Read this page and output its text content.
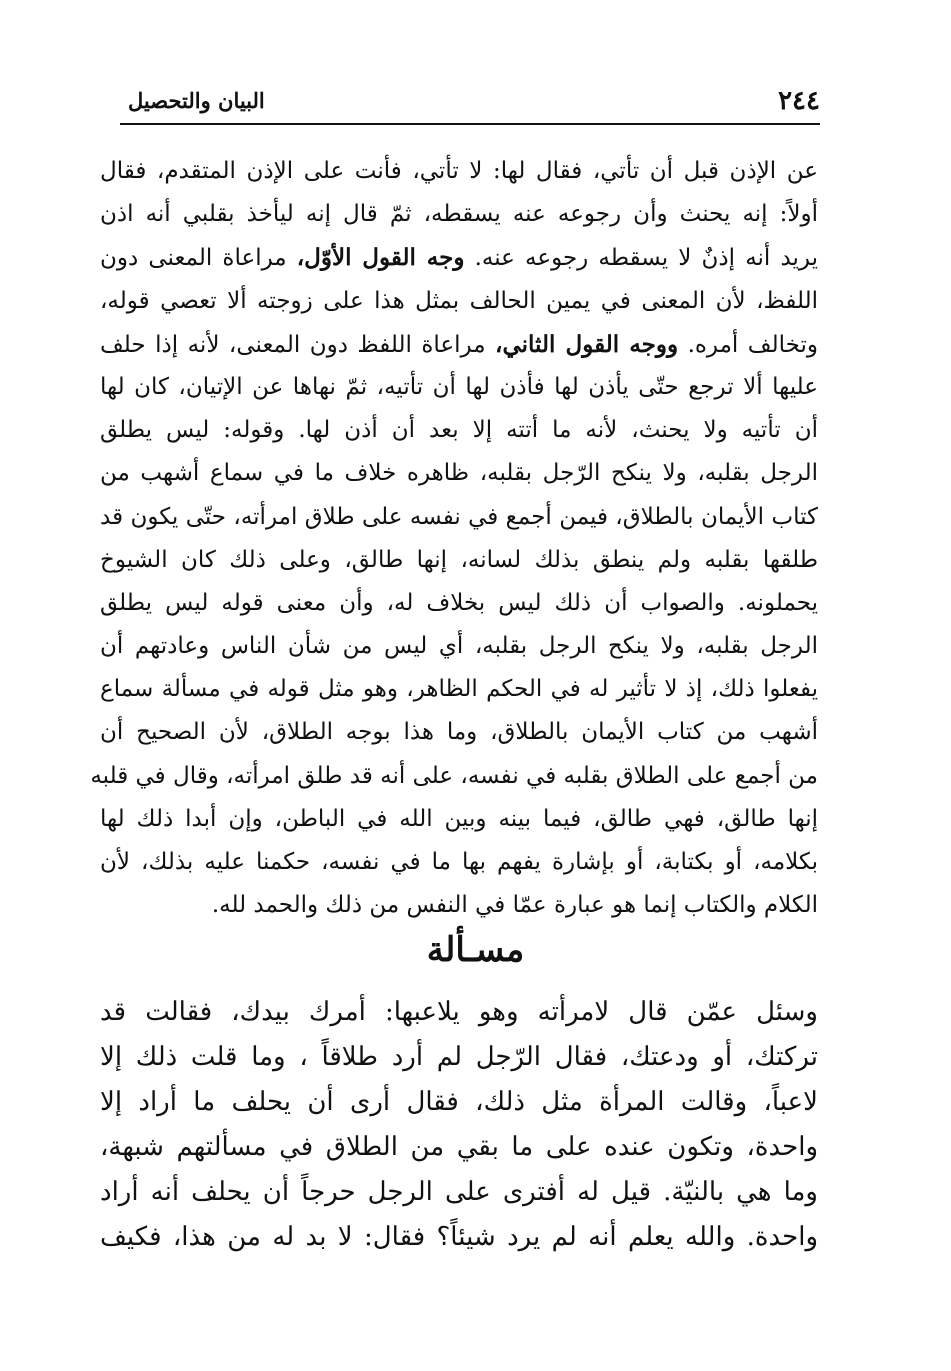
٢٤٤
البيان والتحصيل
عن الإذن قبل أن تأتي، فقال لها: لا تأتي، فأنت على الإذن المتقدم، فقال
أولاً: إنه يحنث وأن رجوعه عنه يسقطه، ثمّ قال إنه ليأخذ بقلبي أنه اذن
يريد أنه إذنٌ لا يسقطه رجوعه عنه. وجه القول الأوّل، مراعاة المعنى دون
اللفظ، لأن المعنى في يمين الحالف بمثل هذا على زوجته ألا تعصي قوله،
وتخالف أمره. ووجه القول الثاني، مراعاة اللفظ دون المعنى، لأنه إذا حلف
عليها ألا ترجع حتّى يأذن لها فأذن لها أن تأتيه، ثمّ نهاها عن الإتيان، كان لها
أن تأتيه ولا يحنث، لأنه ما أتته إلا بعد أن أذن لها. وقوله: ليس يطلق
الرجل بقلبه، ولا ينكح الرّجل بقلبه، ظاهره خلاف ما في سماع أشهب من
كتاب الأيمان بالطلاق، فيمن أجمع في نفسه على طلاق امرأته، حتّى يكون قد
طلقها بقلبه ولم ينطق بذلك لسانه، إنها طالق، وعلى ذلك كان الشيوخ
يحملونه. والصواب أن ذلك ليس بخلاف له، وأن معنى قوله ليس يطلق
الرجل بقلبه، ولا ينكح الرجل بقلبه، أي ليس من شأن الناس وعادتهم أن
يفعلوا ذلك، إذ لا تأثير له في الحكم الظاهر، وهو مثل قوله في مسألة سماع
أشهب من كتاب الأيمان بالطلاق، وما هذا بوجه الطلاق، لأن الصحيح أن
من أجمع على الطلاق بقلبه في نفسه، على أنه قد طلق امرأته، وقال في قلبه
إنها طالق، فهي طالق، فيما بينه وبين الله في الباطن، وإن أبدا ذلك لها
بكلامه، أو بكتابة، أو بإشارة يفهم بها ما في نفسه، حكمنا عليه بذلك، لأن
الكلام والكتاب إنما هو عبارة عمّا في النفس من ذلك والحمد لله.
مسـألة
وسئل عمّن قال لامرأته وهو يلاعبها: أمرك بيدك، فقالت قد
تركتك، أو ودعتك، فقال الرّجل لم أرد طلاقاً ، وما قلت ذلك إلا
لاعباً، وقالت المرأة مثل ذلك، فقال أرى أن يحلف ما أراد إلا
واحدة، وتكون عنده على ما بقي من الطلاق في مسألتهم شبهة،
وما هي بالنيّة. قيل له أفترى على الرجل حرجاً أن يحلف أنه أراد
واحدة. والله يعلم أنه لم يرد شيئاً؟ فقال: لا بد له من هذا، فكيف
